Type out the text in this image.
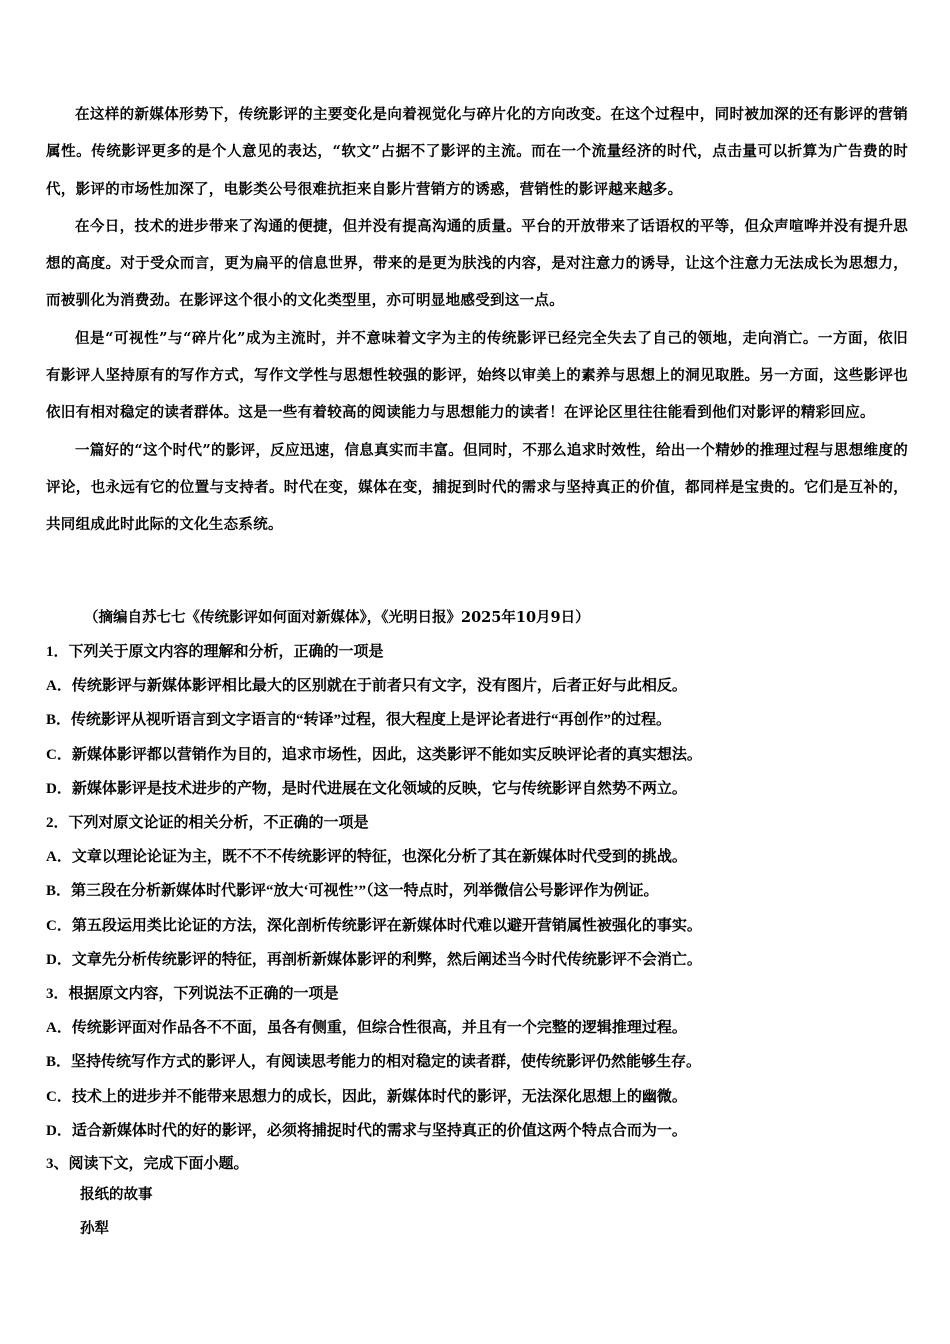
在这样的新媒体形势下，传统影评的主要变化是向着视觉化与碎片化的方向改变。在这个过程中，同时被加深的还有影评的营销属性。传统影评更多的是个人意见的表达，“软文”占据不了影评的主流。而在一个流量经济的时代，点击量可以折算为广告费的时代，影评的市场性加深了，电影类公号很难抗拒来自影片营销方的诱惑，营销性的影评越来越多。

在今日，技术的进步带来了沟通的便捷，但并没有提高沟通的质量。平台的开放带来了话语权的平等，但众声喧哗并没有提升思想的高度。对于受众而言，更为扁平的信息世界，带来的是更为肤浅的内容，是对注意力的诱导，让这个注意力无法成长为思想力，而被驯化为消费劲。在影评这个很小的文化类型里，亦可明显地感受到这一点。

但是“可视性”与“碎片化”成为主流时，并不意味着文字为主的传统影评已经完全失去了自己的领地，走向消亡。一方面，依旧有影评人坚持原有的写作方式，写作文学性与思想性较强的影评，始终以审美上的素养与思想上的洞见取胜。另一方面，这些影评也依旧有相对稳定的读者群体。这是一些有着较高的阅读能力与思想能力的读者！在评论区里往往能看到他们对影评的精彩回应。

一篇好的“这个时代”的影评，反应迅速，信息真实而丰富。但同时，不那么追求时效性，给出一个精妙的推理过程与思想维度的评论，也永远有它的位置与支持者。时代在变，媒体在变，捕捉到时代的需求与坚持真正的价值，都同样是宝贵的。它们是互补的，共同组成此时此际的文化生态系统。

（摘编自苏七七《传统影评如何面对新媒体》，《光明日报》2025年10月9日）

1．下列关于原文内容的理解和分析，正确的一项是

A．传统影评与新媒体影评相比最大的区别就在于前者只有文字，没有图片，后者正好与此相反。

B．传统影评从视听语言到文字语言的“转译”过程，很大程度上是评论者进行“再创作”的过程。

C．新媒体影评都以营销作为目的，追求市场性，因此，这类影评不能如实反映评论者的真实想法。

D．新媒体影评是技术进步的产物，是时代进展在文化领域的反映，它与传统影评自然势不两立。

2．下列对原文论证的相关分析，不正确的一项是

A．文章以理论论证为主，既不不不传统影评的特征，也深化分析了其在新媒体时代受到的挑战。

B．第三段在分析新媒体时代影评“放大‘可视性’”（这一特点时，列举微信公号影评作为例证。

C．第五段运用类比论证的方法，深化剖析传统影评在新媒体时代难以避开营销属性被强化的事实。

D．文章先分析传统影评的特征，再剖析新媒体影评的利弊，然后阐述当今时代传统影评不会消亡。

3．根据原文内容，下列说法不正确的一项是

A．传统影评面对作品各不不面，虽各有侧重，但综合性很高，并且有一个完整的逻辑推理过程。

B．坚持传统写作方式的影评人，有阅读思考能力的相对稳定的读者群，使传统影评仍然能够生存。

C．技术上的进步并不能带来思想力的成长，因此，新媒体时代的影评，无法深化思想上的幽微。

D．适合新媒体时代的好的影评，必须将捕捉时代的需求与坚持真正的价值这两个特点合而为一。

3、阅读下文，完成下面小题。
报纸的故事
孙犁
